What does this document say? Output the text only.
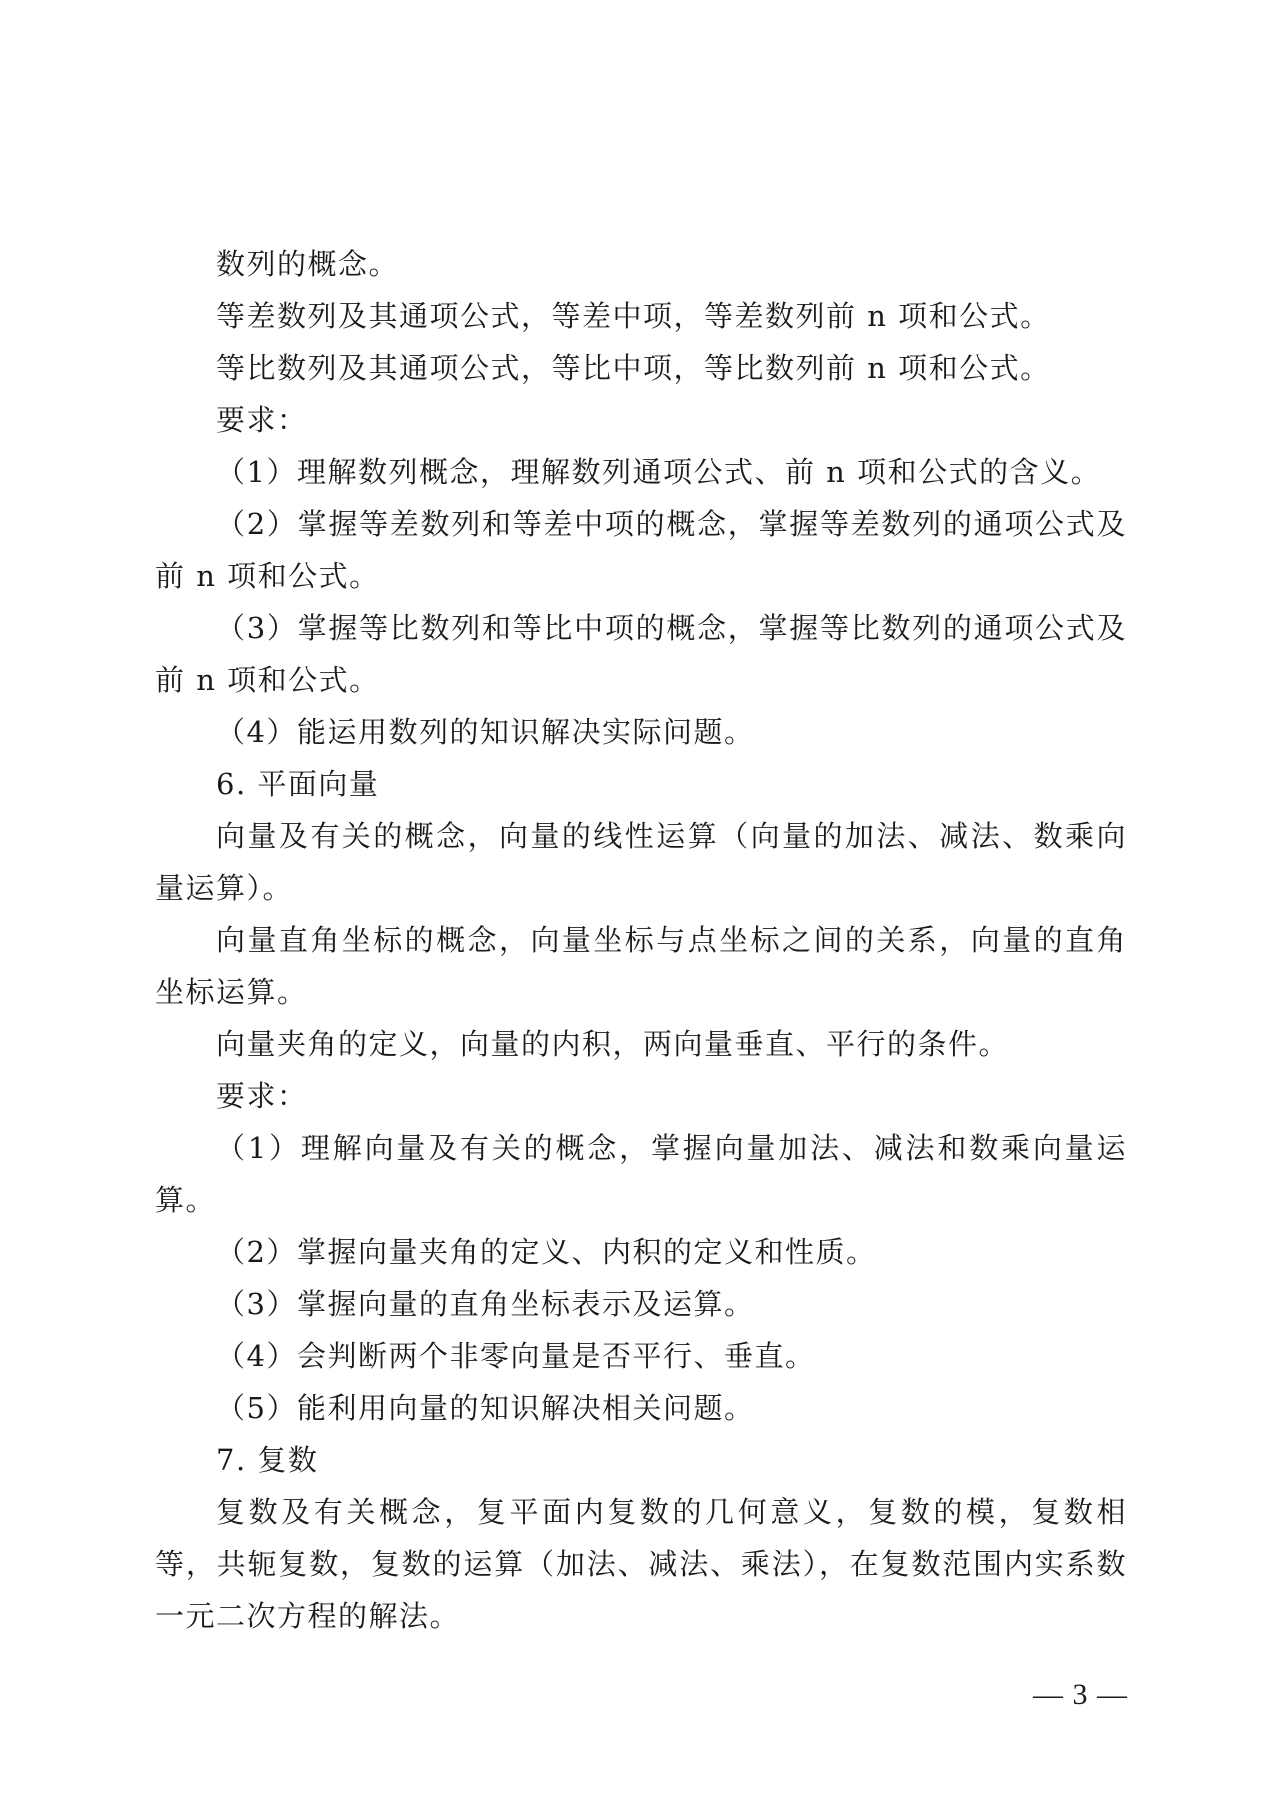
数列的概念。

等差数列及其通项公式，等差中项，等差数列前 n 项和公式。

等比数列及其通项公式，等比中项，等比数列前 n 项和公式。

要求：

（1）理解数列概念，理解数列通项公式、前 n 项和公式的含义。

（2）掌握等差数列和等差中项的概念，掌握等差数列的通项公式及前 n 项和公式。

（3）掌握等比数列和等比中项的概念，掌握等比数列的通项公式及前 n 项和公式。

（4）能运用数列的知识解决实际问题。

6. 平面向量

向量及有关的概念，向量的线性运算（向量的加法、减法、数乘向量运算）。

向量直角坐标的概念，向量坐标与点坐标之间的关系，向量的直角坐标运算。

向量夹角的定义，向量的内积，两向量垂直、平行的条件。

要求：

（1）理解向量及有关的概念，掌握向量加法、减法和数乘向量运算。

（2）掌握向量夹角的定义、内积的定义和性质。

（3）掌握向量的直角坐标表示及运算。

（4）会判断两个非零向量是否平行、垂直。

（5）能利用向量的知识解决相关问题。

7. 复数

复数及有关概念，复平面内复数的几何意义，复数的模，复数相等，共轭复数，复数的运算（加法、减法、乘法），在复数范围内实系数一元二次方程的解法。

— 3 —
